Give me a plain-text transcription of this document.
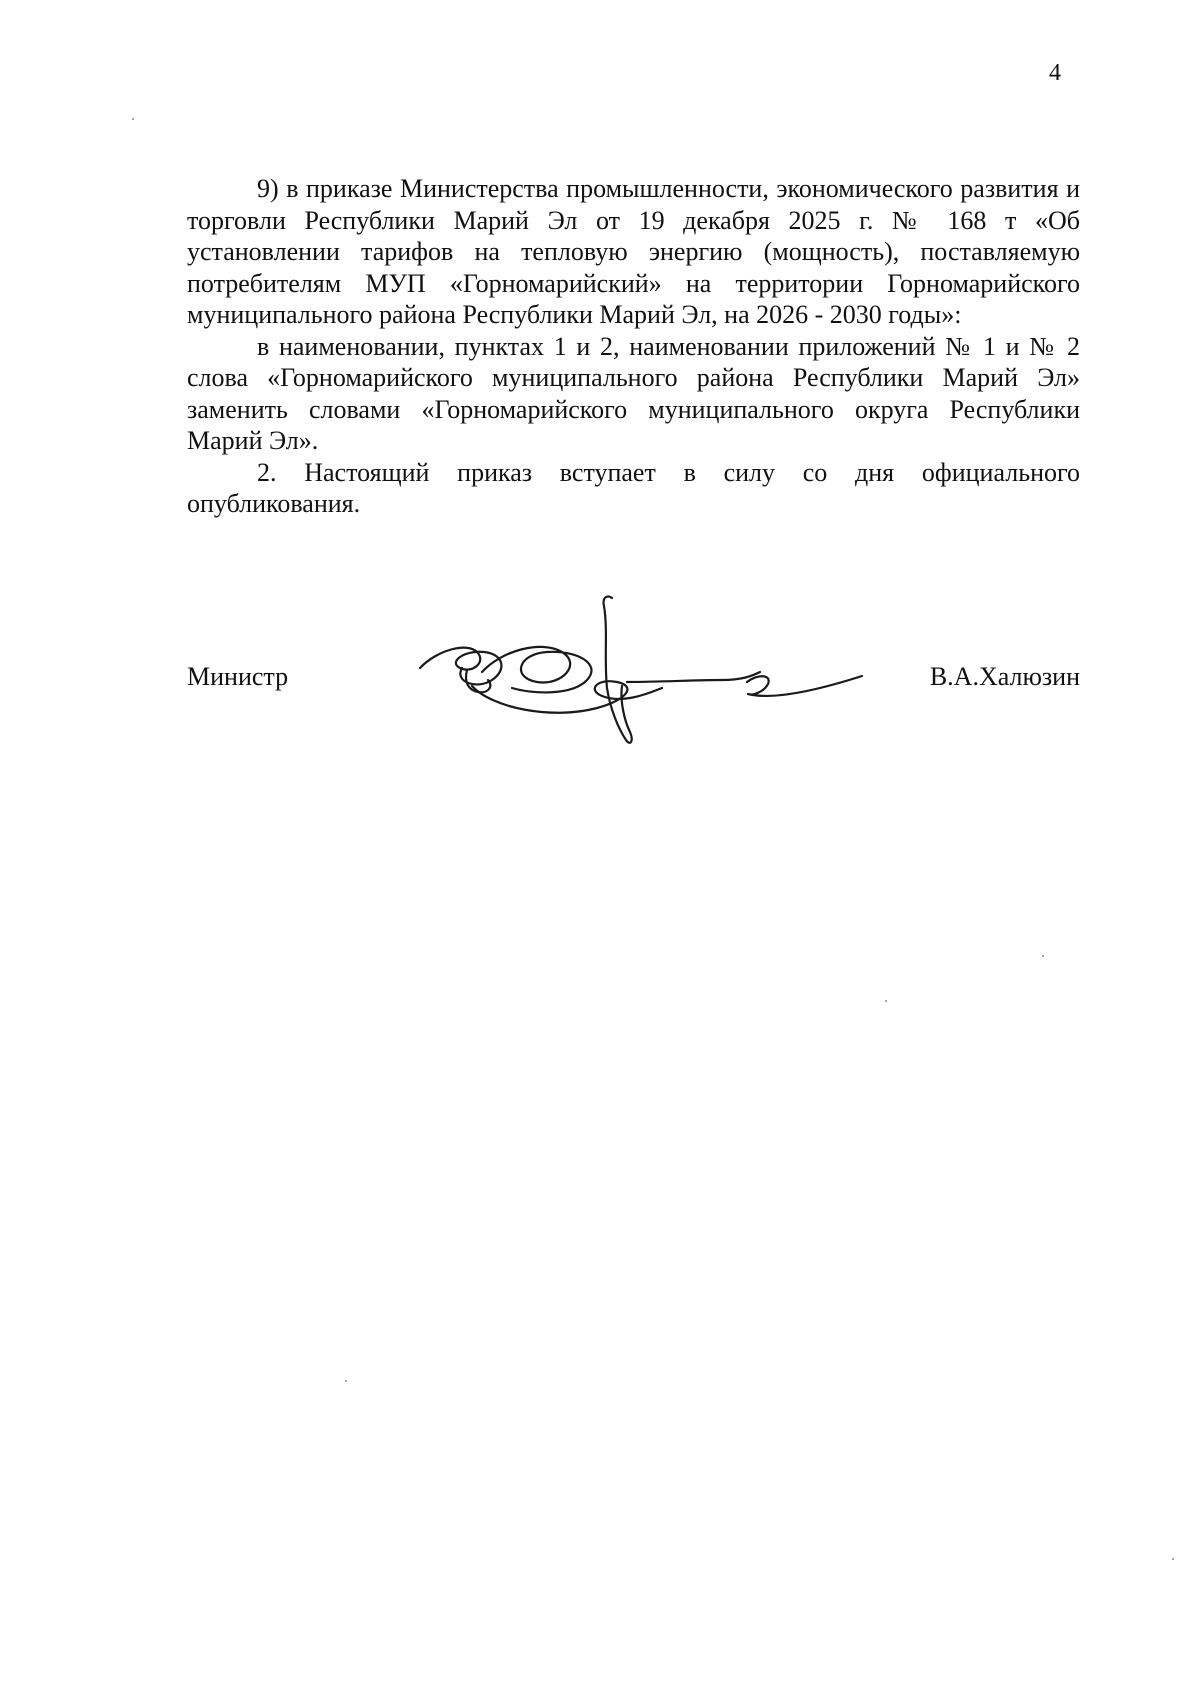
4

9) в приказе Министерства промышленности, экономического развития и торговли Республики Марий Эл от 19 декабря 2025 г. № 168 т «Об установлении тарифов на тепловую энергию (мощность), поставляемую потребителям МУП «Горномарийский» на территории Горномарийского муниципального района Республики Марий Эл, на 2026 - 2030 годы»:

в наименовании, пунктах 1 и 2, наименовании приложений № 1 и № 2 слова «Горномарийского муниципального района Республики Марий Эл» заменить словами «Горномарийского муниципального округа Республики Марий Эл».

2. Настоящий приказ вступает в силу со дня официального опубликования.

Министр	В.А.Халюзин
